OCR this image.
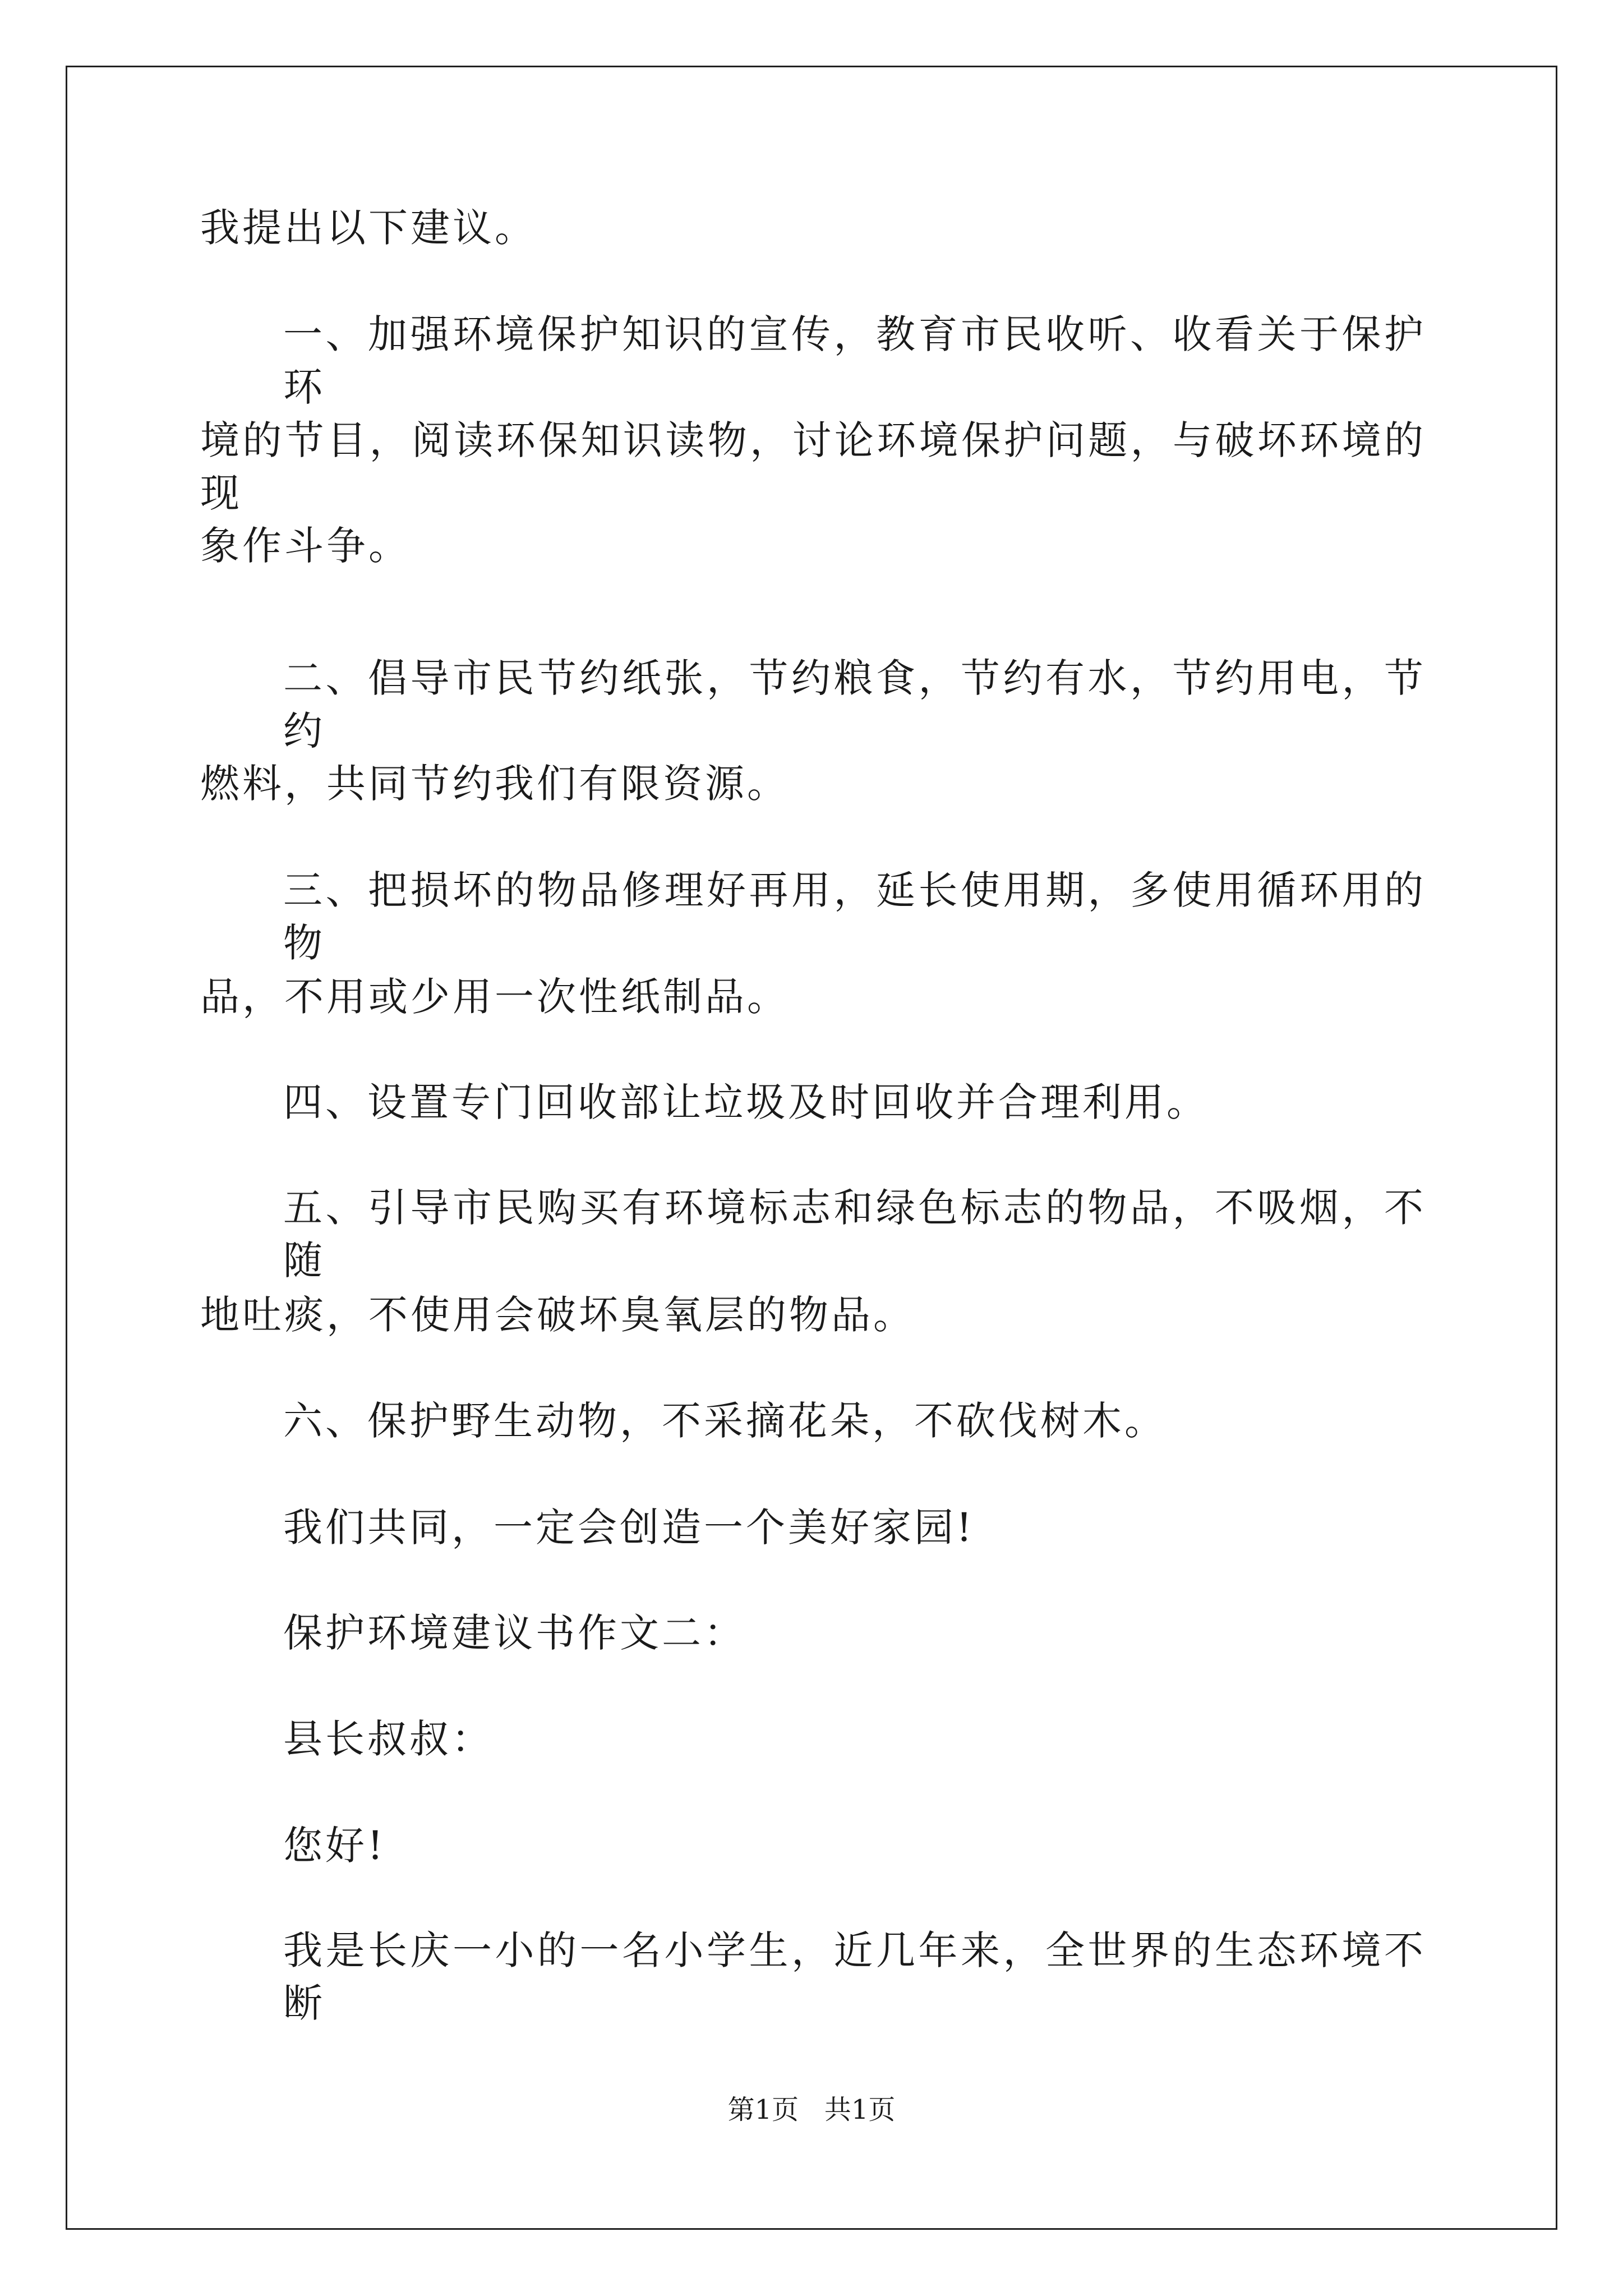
我提出以下建议。
一、加强环境保护知识的宣传，教育市民收听、收看关于保护环
境的节目，阅读环保知识读物，讨论环境保护问题，与破坏环境的现
象作斗争。
二、倡导市民节约纸张，节约粮食，节约有水，节约用电，节约
燃料，共同节约我们有限资源。
三、把损坏的物品修理好再用，延长使用期，多使用循环用的物
品，不用或少用一次性纸制品。
四、设置专门回收部让垃圾及时回收并合理利用。
五、引导市民购买有环境标志和绿色标志的物品，不吸烟，不随
地吐痰，不使用会破坏臭氧层的物品。
六、保护野生动物，不采摘花朵，不砍伐树木。
我们共同，一定会创造一个美好家园!
保护环境建议书作文二：
县长叔叔：
您好!
我是长庆一小的一名小学生，近几年来，全世界的生态环境不断
第1页   共1页
